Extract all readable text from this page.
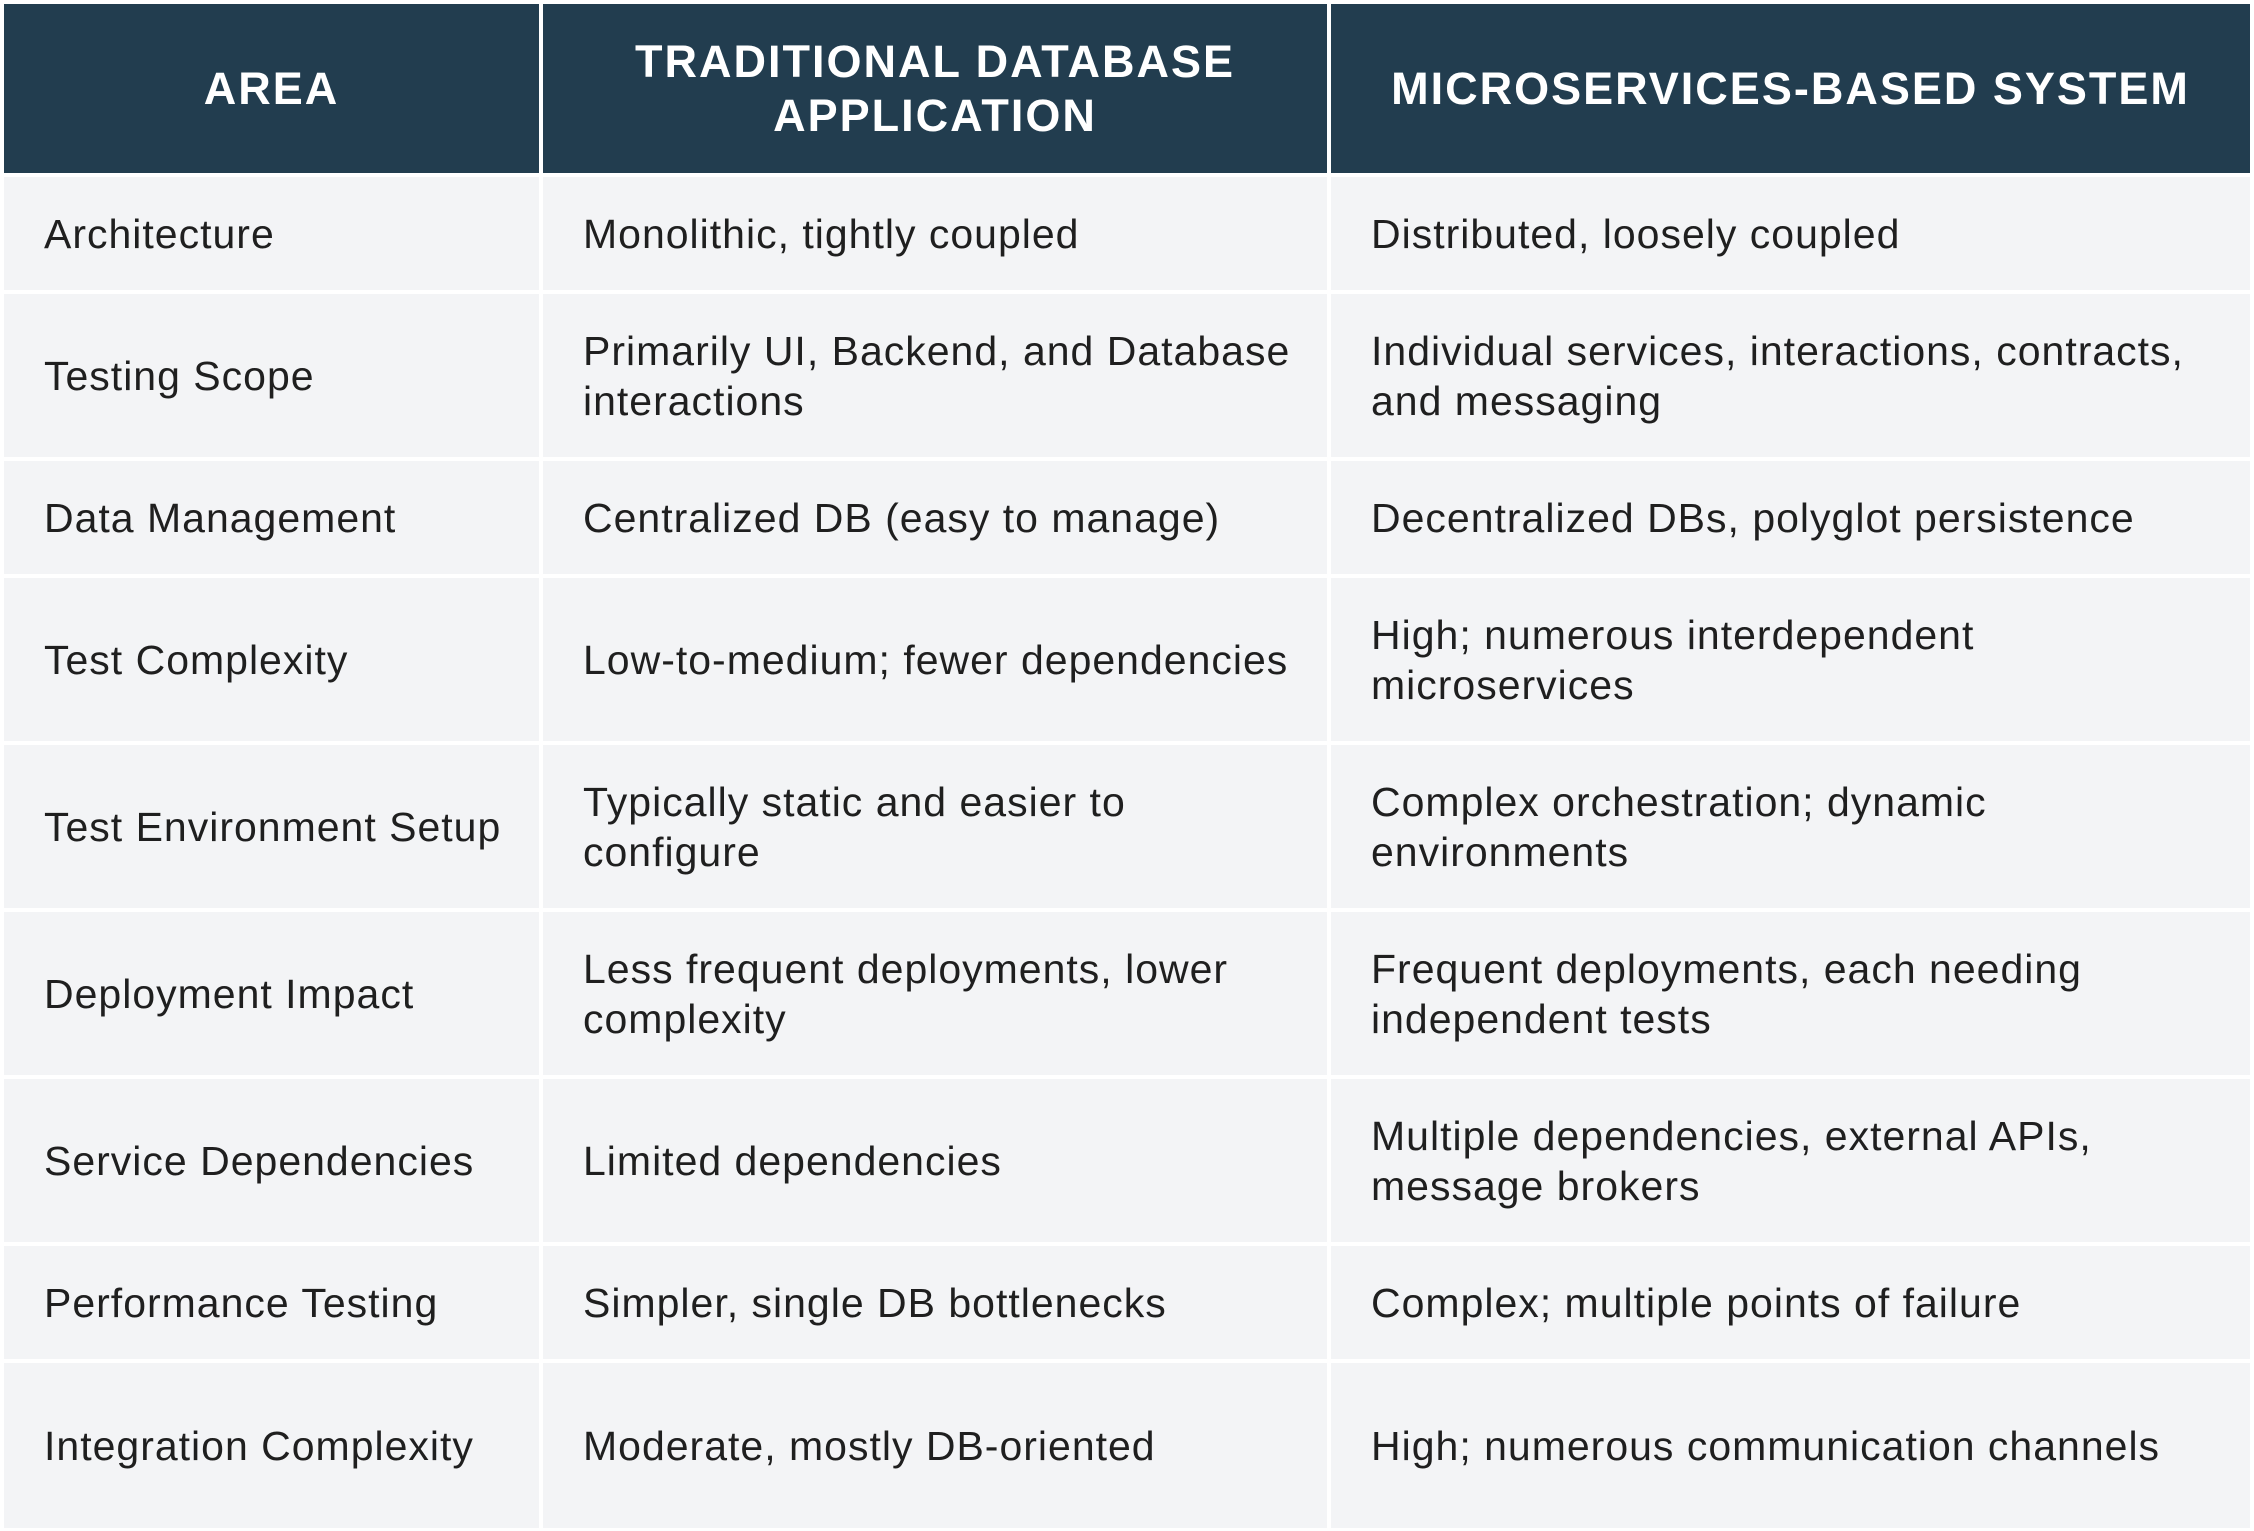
AREA	TRADITIONAL DATABASE APPLICATION	MICROSERVICES-BASED SYSTEM
Architecture	Monolithic, tightly coupled	Distributed, loosely coupled
Testing Scope	Primarily UI, Backend, and Database interactions	Individual services, interactions, contracts, and messaging
Data Management	Centralized DB (easy to manage)	Decentralized DBs, polyglot persistence
Test Complexity	Low-to-medium; fewer dependencies	High; numerous interdependent microservices
Test Environment Setup	Typically static and easier to configure	Complex orchestration; dynamic environments
Deployment Impact	Less frequent deployments, lower complexity	Frequent deployments, each needing independent tests
Service Dependencies	Limited dependencies	Multiple dependencies, external APIs, message brokers
Performance Testing	Simpler, single DB bottlenecks	Complex; multiple points of failure
Integration Complexity	Moderate, mostly DB-oriented	High; numerous communication channels
